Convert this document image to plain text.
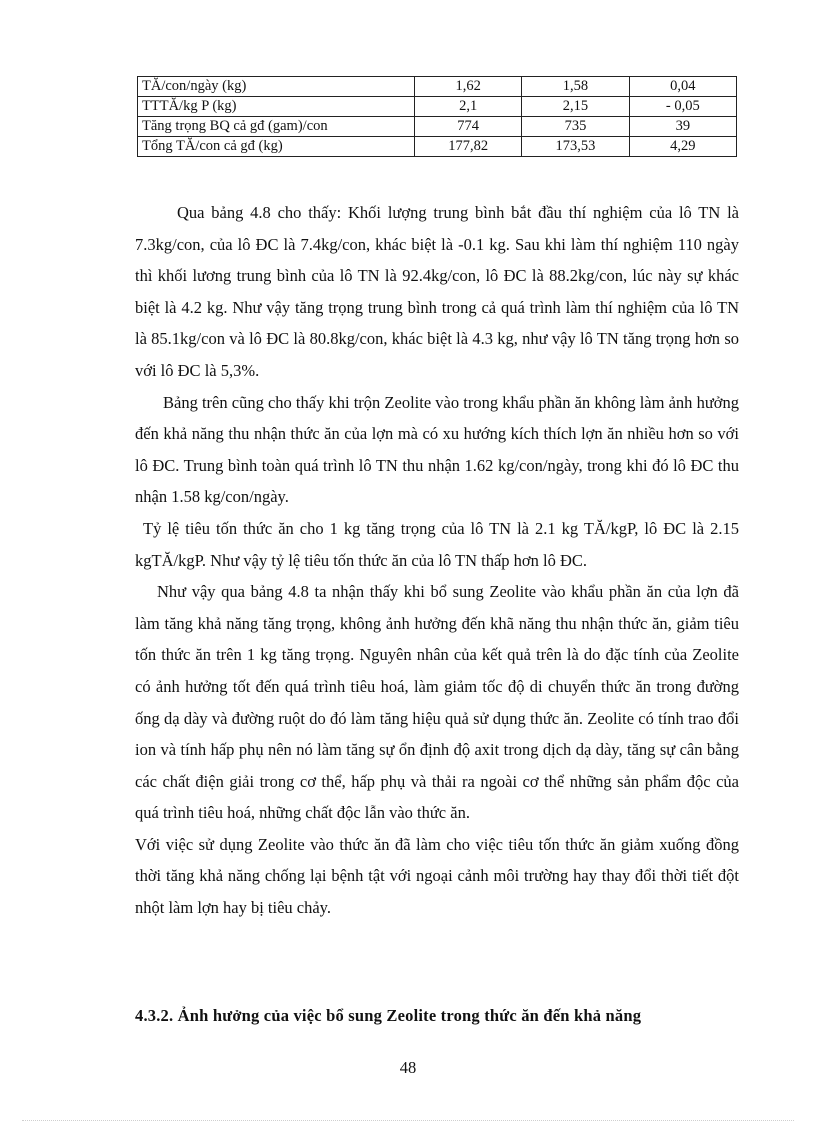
TĂ/con/ngày (kg)	1,62	1,58	0,04
TTTĂ/kg P (kg)	2,1	2,15	- 0,05
Tăng trọng BQ cả gđ (gam)/con	774	735	39
Tổng TĂ/con cả gđ (kg)	177,82	173,53	4,29

Qua bảng 4.8 cho thấy: Khối lượng trung bình bắt đầu thí nghiệm của lô TN là 7.3kg/con, của lô ĐC là 7.4kg/con, khác biệt là -0.1 kg. Sau khi làm thí nghiệm 110 ngày thì khối lương trung bình của lô TN là 92.4kg/con, lô ĐC là 88.2kg/con, lúc này sự khác biệt là 4.2 kg. Như vậy tăng trọng trung bình trong cả quá trình làm thí nghiệm của lô TN là 85.1kg/con và lô ĐC là 80.8kg/con, khác biệt là 4.3 kg, như vậy lô TN tăng trọng hơn so với lô ĐC là 5,3%.

Bảng trên cũng cho thấy khi trộn Zeolite vào trong khẩu phần ăn không làm ảnh hưởng đến khả năng thu nhận thức ăn của lợn mà có xu hướng kích thích lợn ăn nhiều hơn so với lô ĐC. Trung bình toàn quá trình lô TN thu nhận 1.62 kg/con/ngày, trong khi đó lô ĐC thu nhận 1.58 kg/con/ngày.

Tỷ lệ tiêu tốn thức ăn cho 1 kg tăng trọng của lô TN là 2.1 kg TĂ/kgP, lô ĐC là 2.15 kgTĂ/kgP. Như vậy tỷ lệ tiêu tốn thức ăn của lô TN thấp hơn lô ĐC.

Như vậy qua bảng 4.8 ta nhận thấy khi bổ sung Zeolite vào khẩu phần ăn của lợn đã làm tăng khả năng tăng trọng, không ảnh hưởng đến khã năng thu nhận thức ăn, giảm tiêu tốn thức ăn trên 1 kg tăng trọng. Nguyên nhân của kết quả trên là do đặc tính của Zeolite có ảnh hưởng tốt đến quá trình tiêu hoá, làm giảm tốc độ di chuyển thức ăn trong đường ống dạ dày và đường ruột do đó làm tăng hiệu quả sử dụng thức ăn. Zeolite có tính trao đổi ion và tính hấp phụ nên nó làm tăng sự ổn định độ axit trong dịch dạ dày, tăng sự cân bằng các chất điện giải trong cơ thể, hấp phụ và thải ra ngoài cơ thể những sản phẩm độc của quá trình tiêu hoá, những chất độc lẫn vào thức ăn.

Với việc sử dụng Zeolite vào thức ăn đã làm cho việc tiêu tốn thức ăn giảm xuống đồng thời tăng khả năng chống lại bệnh tật với ngoại cảnh môi trường hay thay đổi thời tiết đột nhột làm lợn hay bị tiêu chảy.

4.3.2. Ảnh hưởng của việc bổ sung Zeolite trong thức ăn đến khả năng
48
